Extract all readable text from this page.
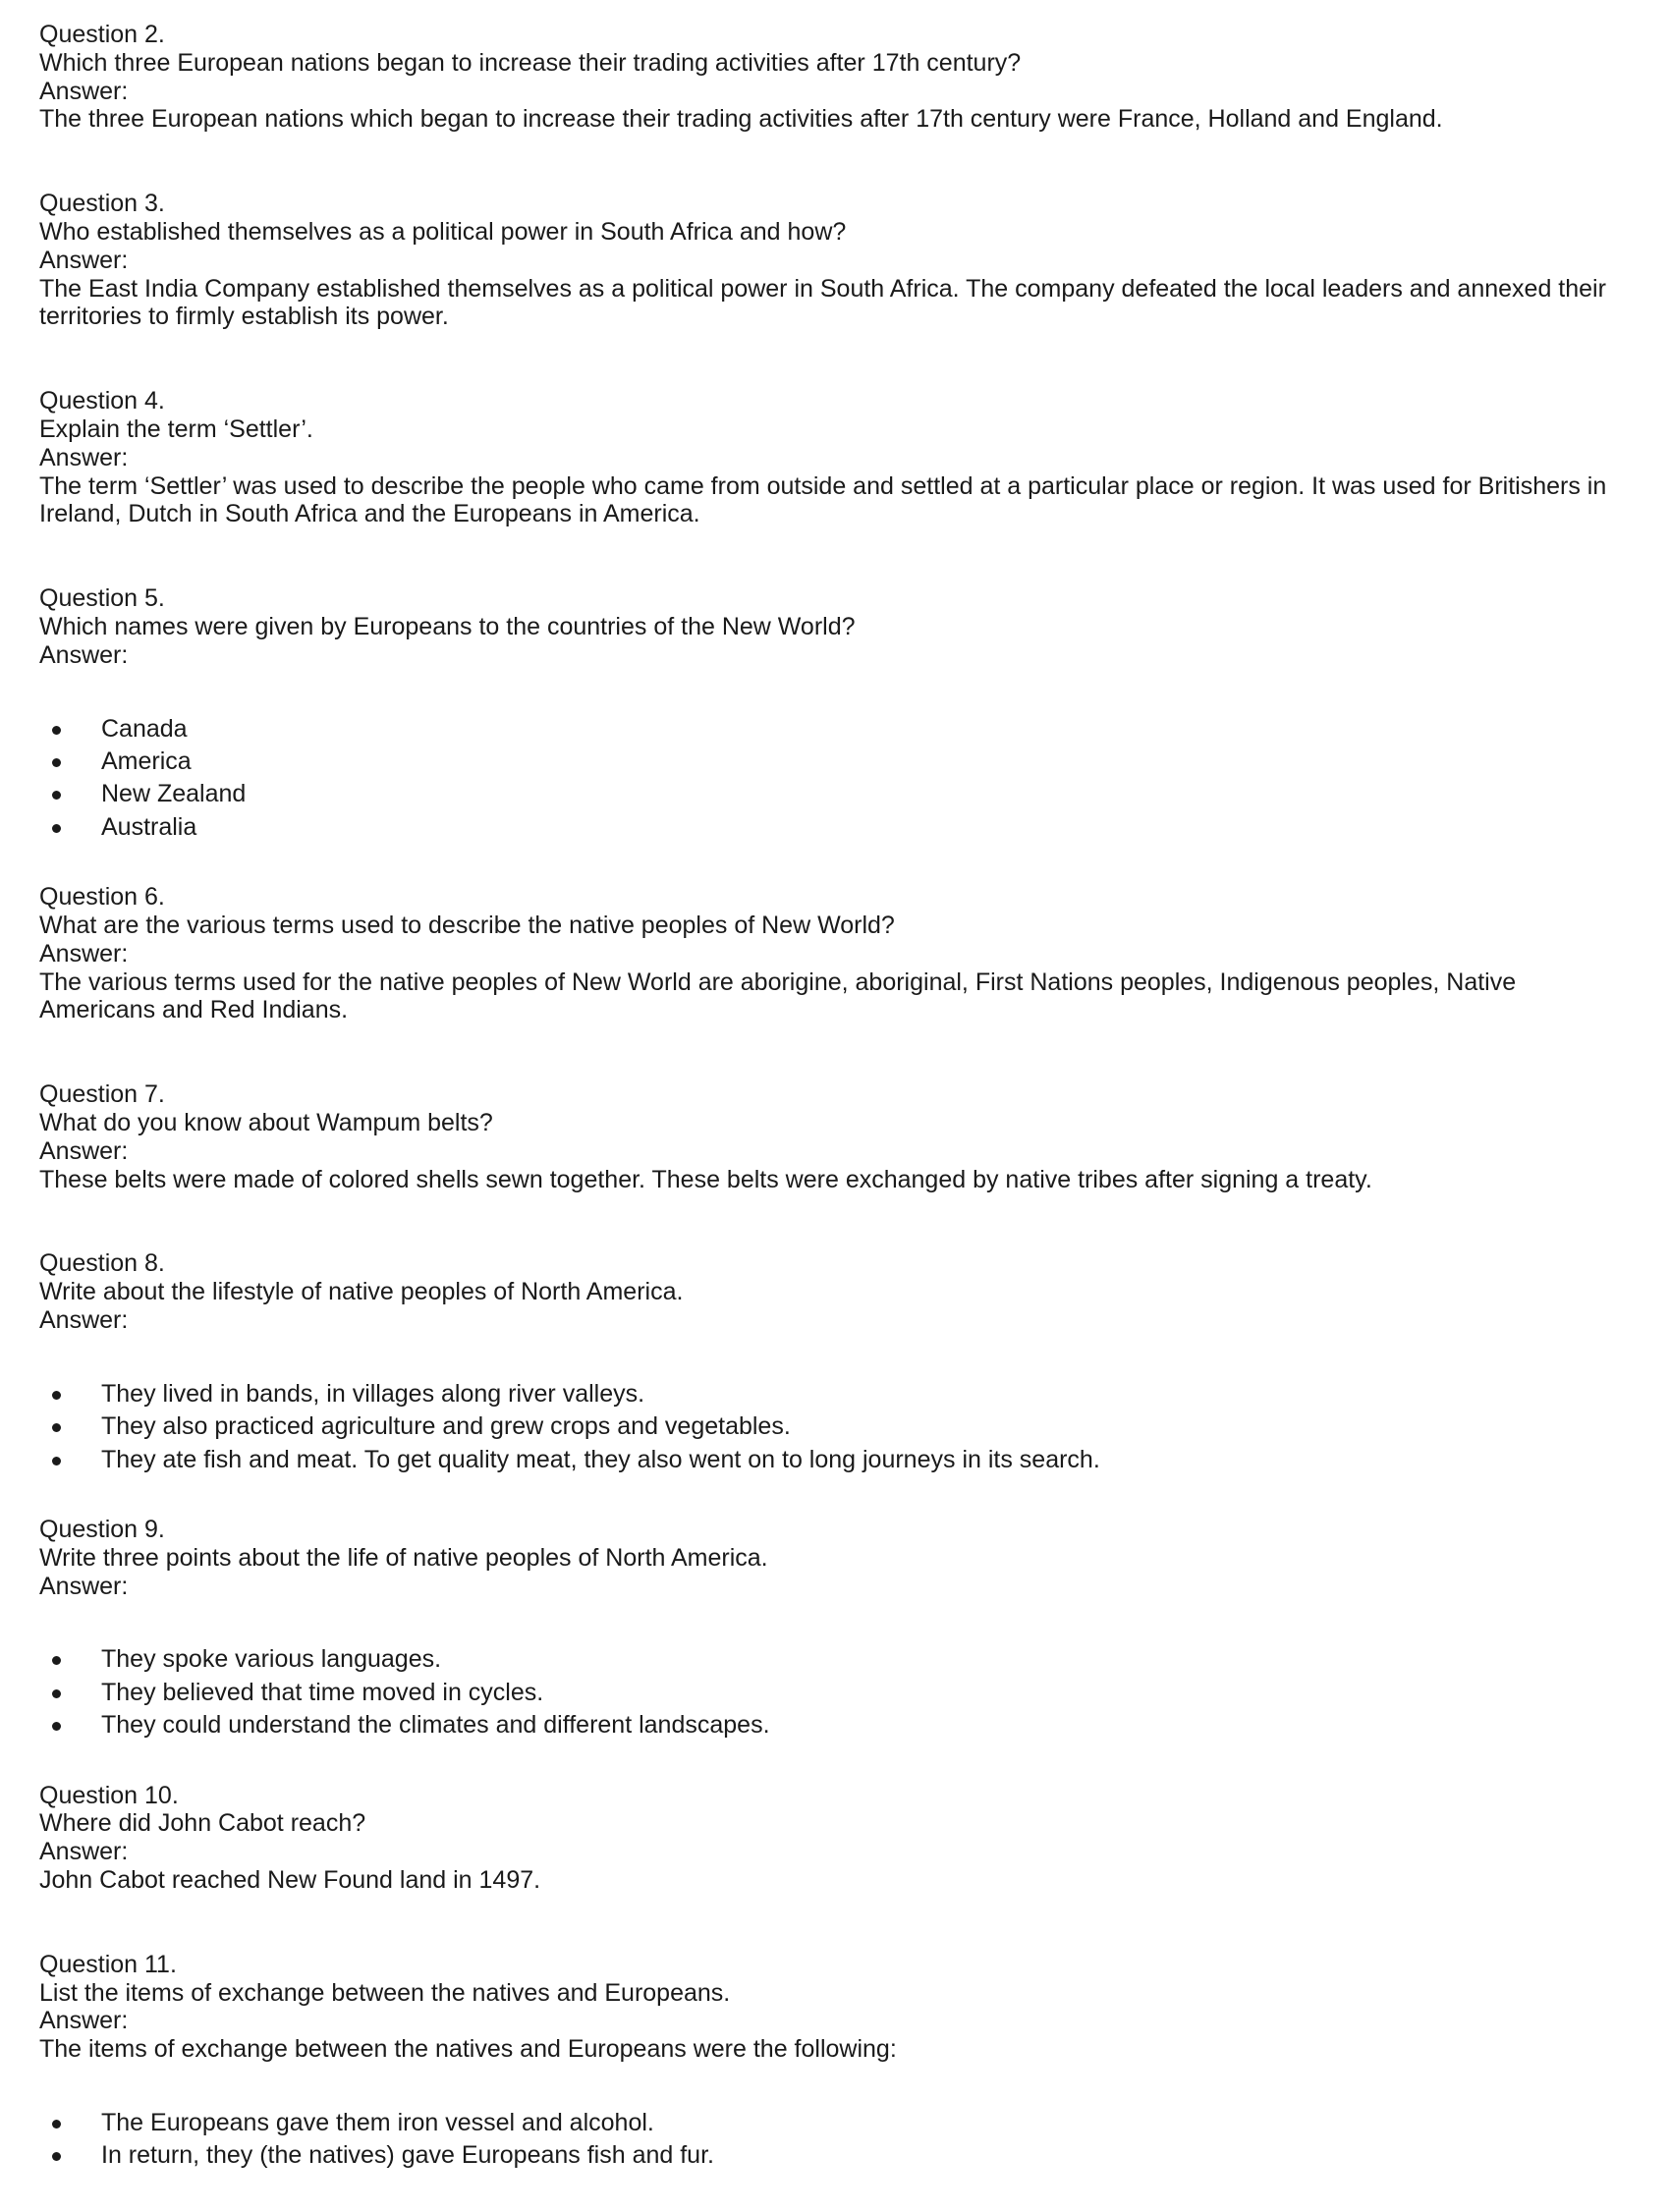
Question 2.

Which three European nations began to increase their trading activities after 17th century?

Answer:

The three European nations which began to increase their trading activities after 17th century were France, Holland and England.

Question 3.

Who established themselves as a political power in South Africa and how?

Answer:

The East India Company established themselves as a political power in South Africa. The company defeated the local leaders and annexed their territories to firmly establish its power.

Question 4.

Explain the term ‘Settler’.

Answer:

The term ‘Settler’ was used to describe the people who came from outside and settled at a particular place or region. It was used for Britishers in Ireland, Dutch in South Africa and the Europeans in America.

Question 5.

Which names were given by Europeans to the countries of the New World?

Answer:

Canada
America
New Zealand
Australia

Question 6.

What are the various terms used to describe the native peoples of New World?

Answer:

The various terms used for the native peoples of New World are aborigine, aboriginal, First Nations peoples, Indigenous peoples, Native Americans and Red Indians.

Question 7.

What do you know about Wampum belts?

Answer:

These belts were made of colored shells sewn together. These belts were exchanged by native tribes after signing a treaty.

Question 8.

Write about the lifestyle of native peoples of North America.

Answer:

They lived in bands, in villages along river valleys.
They also practiced agriculture and grew crops and vegetables.
They ate fish and meat. To get quality meat, they also went on to long journeys in its search.

Question 9.

Write three points about the life of native peoples of North America.

Answer:

They spoke various languages.
They believed that time moved in cycles.
They could understand the climates and different landscapes.

Question 10.

Where did John Cabot reach?

Answer:

John Cabot reached New Found land in 1497.

Question 11.

List the items of exchange between the natives and Europeans.

Answer:

The items of exchange between the natives and Europeans were the following:

The Europeans gave them iron vessel and alcohol.
In return, they (the natives) gave Europeans fish and fur.
